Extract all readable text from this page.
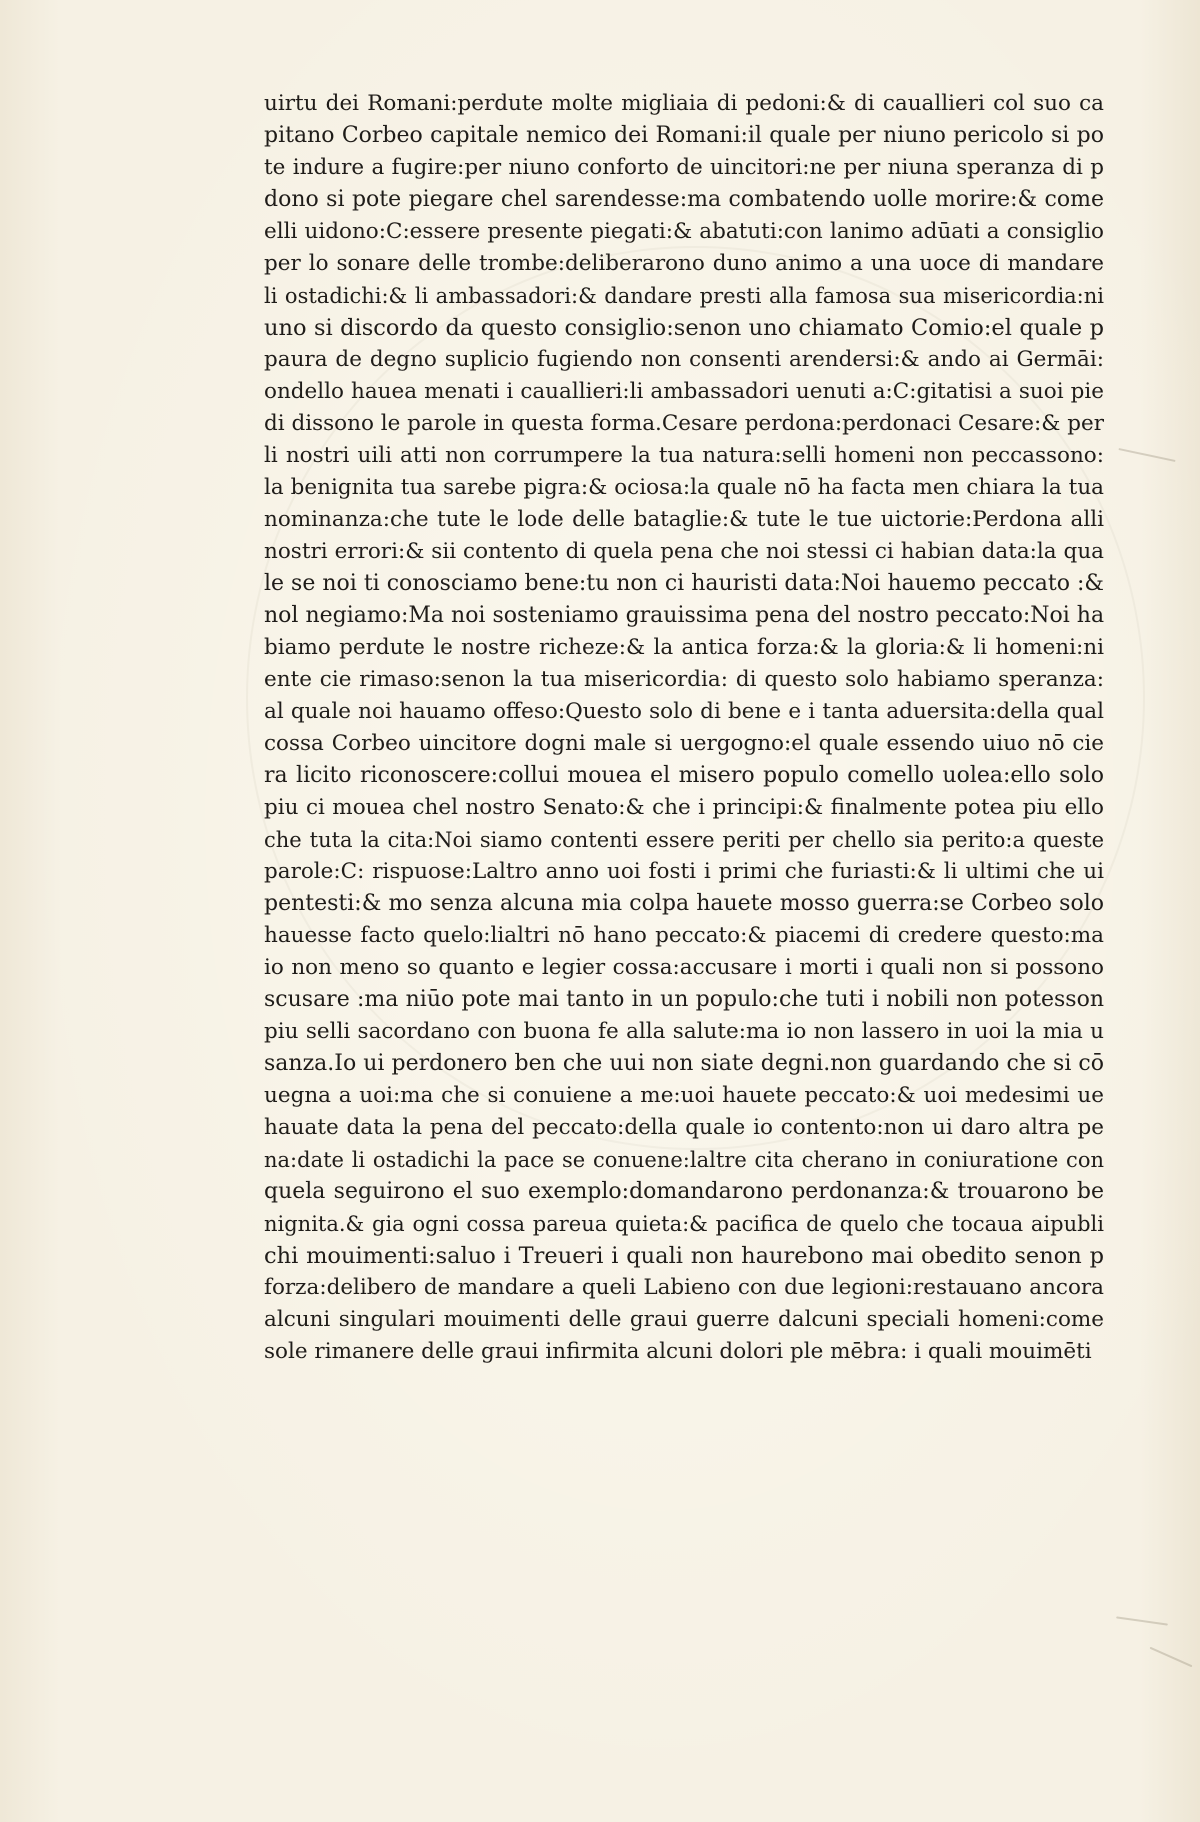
uirtu dei Romani:perdute molte migliaia di pedoni:& di cauallieri col suo ca
pitano Corbeo capitale nemico dei Romani:il quale per niuno pericolo si po
te indure a fugire:per niuno conforto de uincitori:ne per niuna speranza di p
dono si pote piegare chel sarendesse:ma combatendo uolle morire:& come
elli uidono:C:essere presente piegati:& abatuti:con lanimo adūati a consiglio
per lo sonare delle trombe:deliberarono duno animo a una uoce di mandare
li ostadichi:& li ambassadori:& dandare presti alla famosa sua misericordia:ni
uno si discordo da questo consiglio:senon uno chiamato Comio:el quale p
paura de degno suplicio fugiendo non consenti arendersi:& ando ai Germāi:
ondello hauea menati i cauallieri:li ambassadori uenuti a:C:gitatisi a suoi pie
di dissono le parole in questa forma.Cesare perdona:perdonaci Cesare:& per
li nostri uili atti non corrumpere la tua natura:selli homeni non peccassono:
la benignita tua sarebe pigra:& ociosa:la quale nō ha facta men chiara la tua
nominanza:che tute le lode delle bataglie:& tute le tue uictorie:Perdona alli
nostri errori:& sii contento di quela pena che noi stessi ci habian data:la qua
le se noi ti conosciamo bene:tu non ci hauristi data:Noi hauemo peccato :&
nol negiamo:Ma noi sosteniamo grauissima pena del nostro peccato:Noi ha
biamo perdute le nostre richeze:& la antica forza:& la gloria:& li homeni:ni
ente cie rimaso:senon la tua misericordia: di questo solo habiamo speranza:
al quale noi hauamo offeso:Questo solo di bene e i tanta aduersita:della qual
cossa Corbeo uincitore dogni male si uergogno:el quale essendo uiuo nō cie
ra licito riconoscere:collui mouea el misero populo comello uolea:ello solo
piu ci mouea chel nostro Senato:& che i principi:& finalmente potea piu ello
che tuta la cita:Noi siamo contenti essere periti per chello sia perito:a queste
parole:C: rispuose:Laltro anno uoi fosti i primi che furiasti:& li ultimi che ui
pentesti:& mo senza alcuna mia colpa hauete mosso guerra:se Corbeo solo
hauesse facto quelo:lialtri nō hano peccato:& piacemi di credere questo:ma
io non meno so quanto e legier cossa:accusare i morti i quali non si possono
scusare :ma niūo pote mai tanto in un populo:che tuti i nobili non potesson
piu selli sacordano con buona fe alla salute:ma io non lassero in uoi la mia u
sanza.Io ui perdonero ben che uui non siate degni.non guardando che si cō
uegna a uoi:ma che si conuiene a me:uoi hauete peccato:& uoi medesimi ue
hauate data la pena del peccato:della quale io contento:non ui daro altra pe
na:date li ostadichi la pace se conuene:laltre cita cherano in coniuratione con
quela seguirono el suo exemplo:domandarono perdonanza:& trouarono be
nignita.& gia ogni cossa pareua quieta:& pacifica de quelo che tocaua aipubli
chi mouimenti:saluo i Treueri i quali non haurebono mai obedito senon p
forza:delibero de mandare a queli Labieno con due legioni:restauano ancora
alcuni singulari mouimenti delle graui guerre dalcuni speciali homeni:come
sole rimanere delle graui infirmita alcuni dolori ple mēbra: i quali mouimēti
